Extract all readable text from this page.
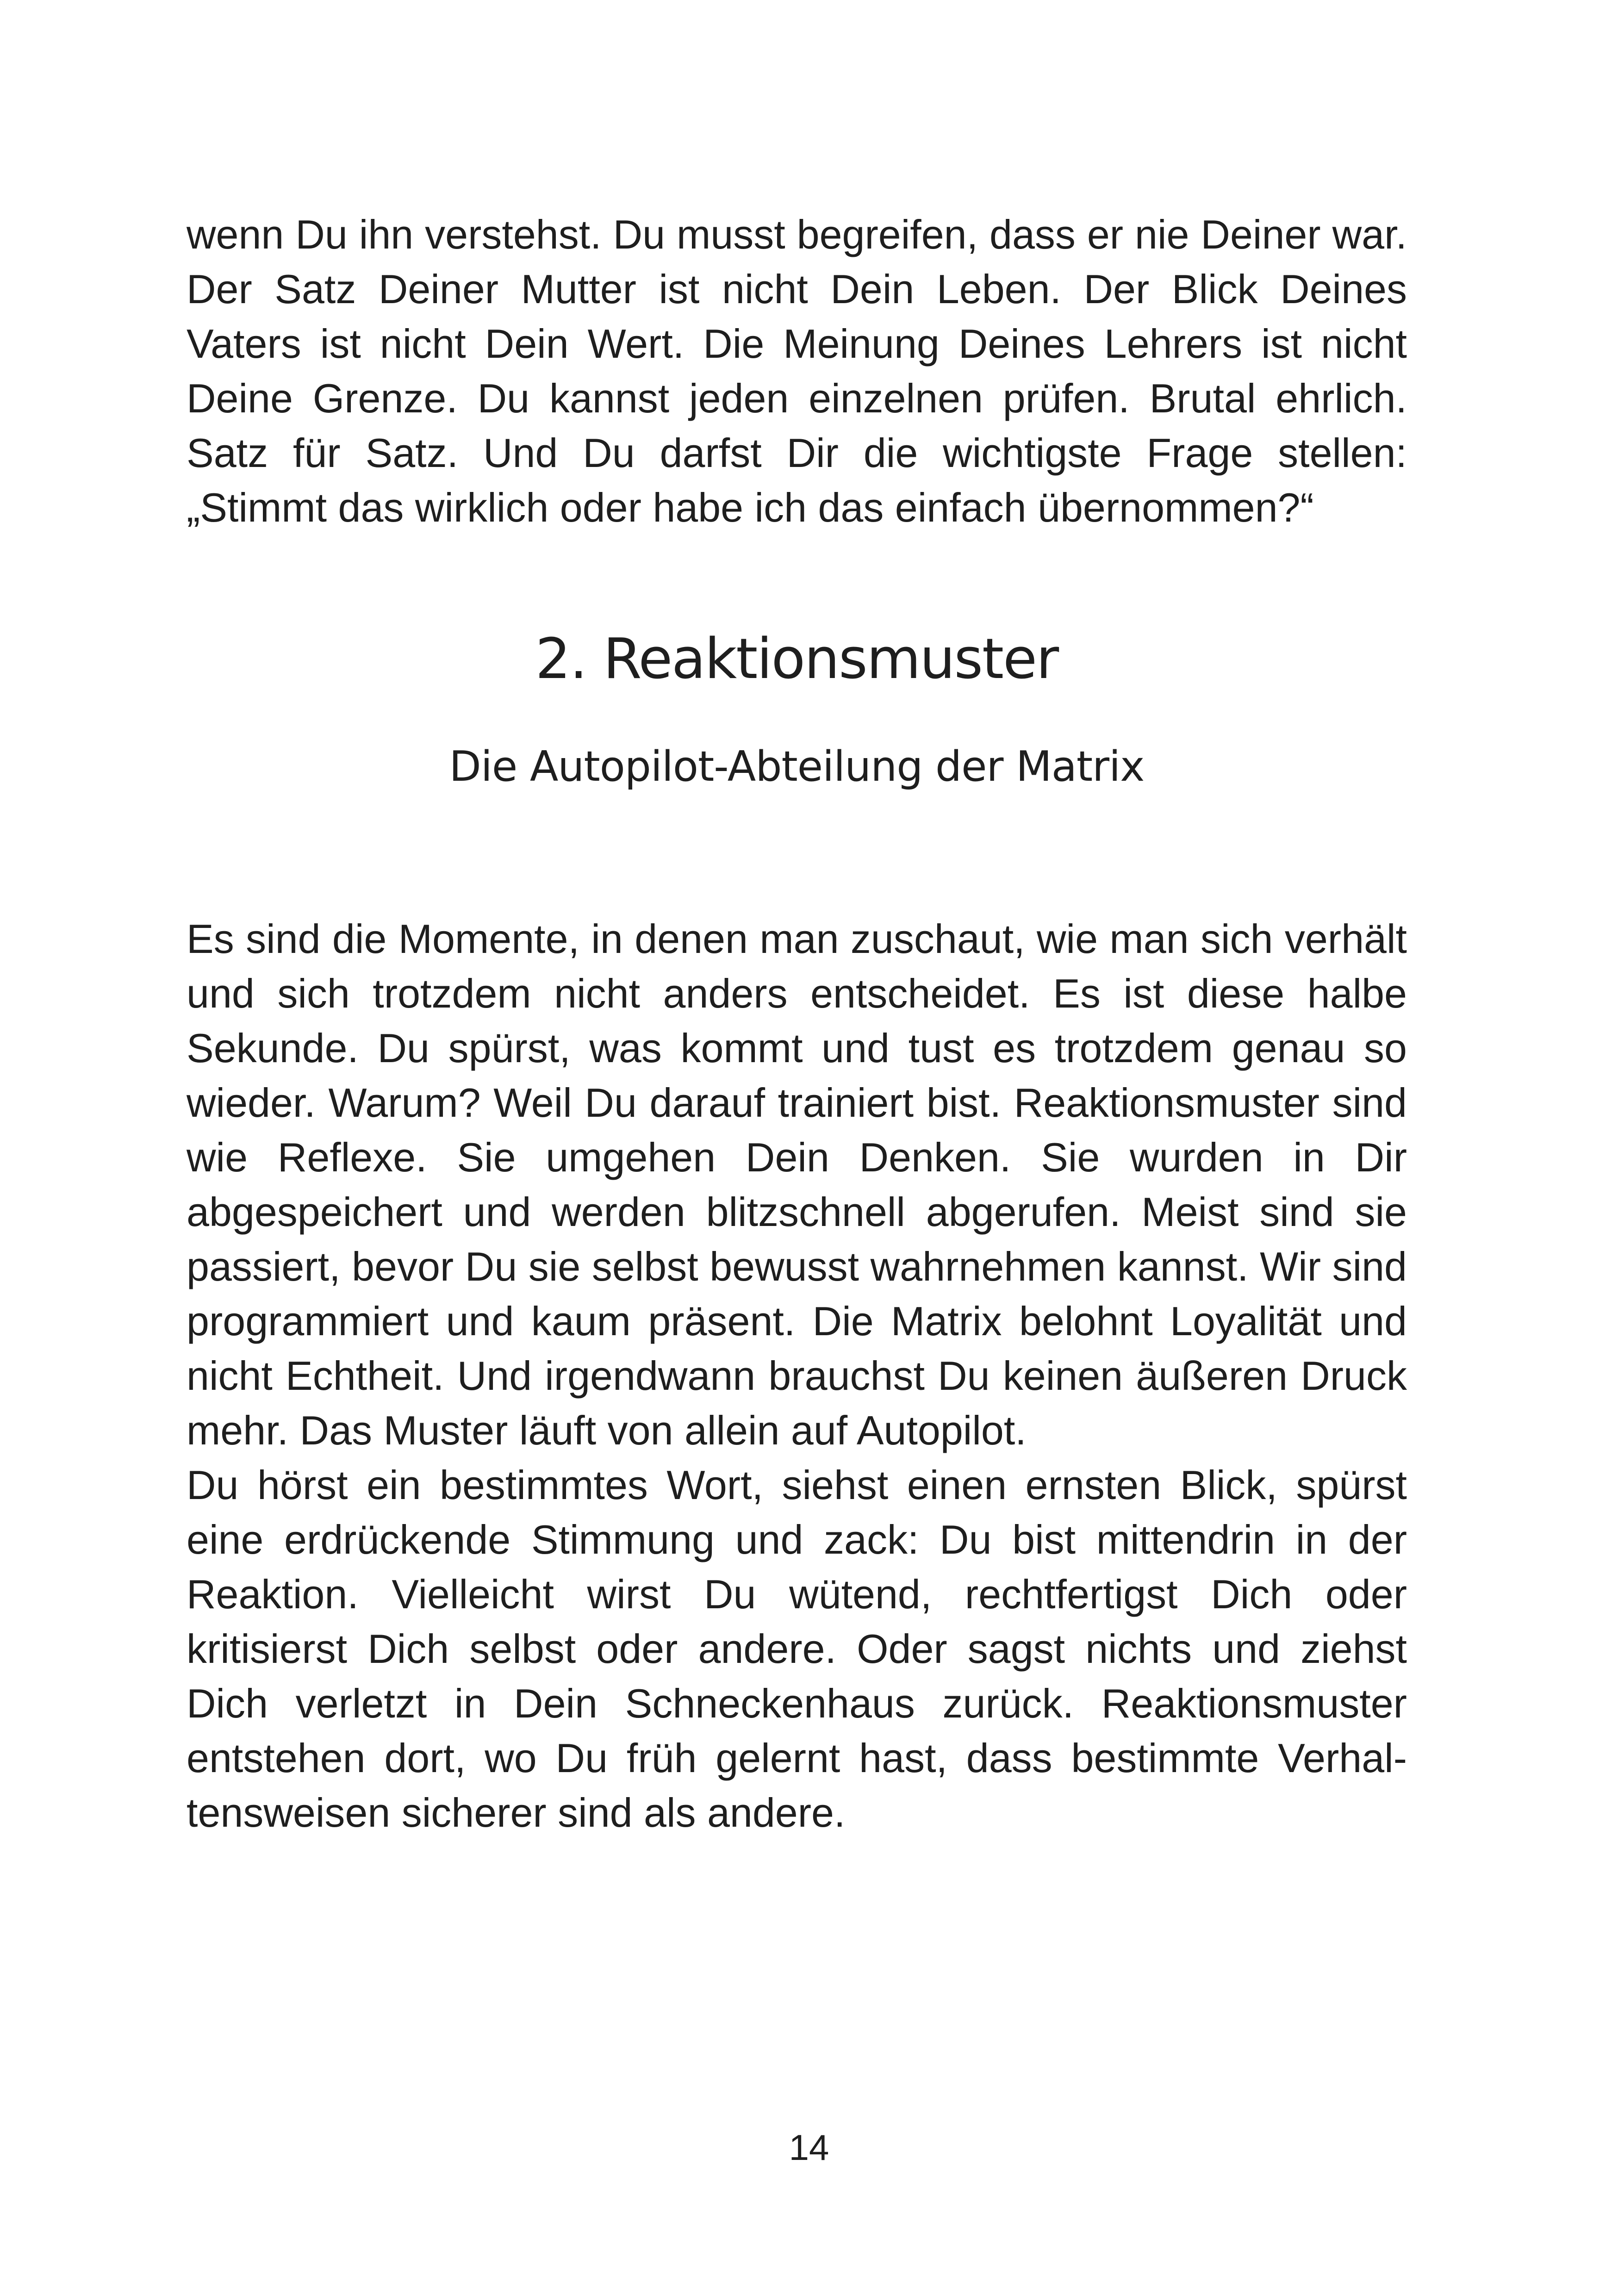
wenn Du ihn verstehst. Du musst begreifen, dass er nie Deiner war. Der Satz Deiner Mutter ist nicht Dein Leben. Der Blick Deines Vaters ist nicht Dein Wert. Die Meinung Deines Lehrers ist nicht Deine Grenze. Du kannst jeden einzelnen prüfen. Brutal ehrlich. Satz für Satz. Und Du darfst Dir die wichtigste Frage stellen: „Stimmt das wirklich oder habe ich das einfach übernommen?“

2. Reaktionsmuster
Die Autopilot-Abteilung der Matrix

Es sind die Momente, in denen man zuschaut, wie man sich verhält und sich trotzdem nicht anders entscheidet. Es ist diese halbe Sekunde. Du spürst, was kommt und tust es trotzdem genau so wieder. Warum? Weil Du darauf trainiert bist. Reaktionsmuster sind wie Reflexe. Sie umgehen Dein Denken. Sie wurden in Dir abgespeichert und werden blitzschnell abgerufen. Meist sind sie passiert, bevor Du sie selbst bewusst wahrnehmen kannst. Wir sind programmiert und kaum präsent. Die Matrix belohnt Loyalität und nicht Echtheit. Und irgendwann brauchst Du keinen äußeren Druck mehr. Das Muster läuft von allein auf Autopilot.

Du hörst ein bestimmtes Wort, siehst einen ernsten Blick, spürst eine erdrückende Stimmung und zack: Du bist mittendrin in der Reaktion. Vielleicht wirst Du wütend, rechtfertigst Dich oder kritisierst Dich selbst oder andere. Oder sagst nichts und ziehst Dich verletzt in Dein Schneckenhaus zurück. Reaktionsmuster entstehen dort, wo Du früh gelernt hast, dass bestimmte Verhaltensweisen sicherer sind als andere.

14
